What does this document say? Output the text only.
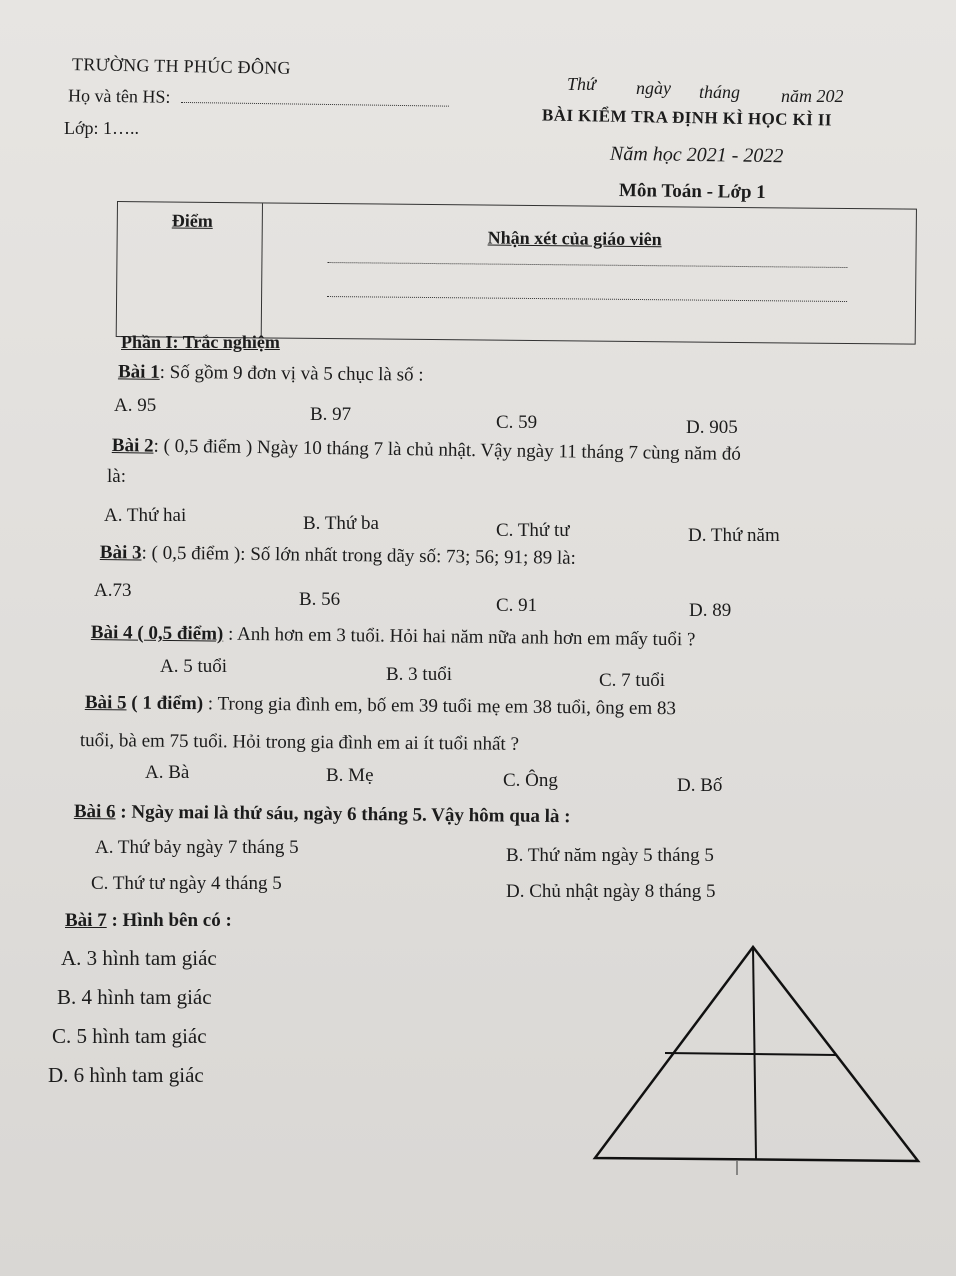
TRƯỜNG TH PHÚC ĐÔNG
Họ và tên HS:
Lớp: 1…..
Thứ ngày tháng năm 202
BÀI KIỂM TRA ĐỊNH KÌ HỌC KÌ II
Năm học 2021 - 2022
Môn Toán - Lớp 1
Điểm
Nhận xét của giáo viên
Phần I: Trắc nghiệm
Bài 1: Số gồm 9 đơn vị và 5 chục là số :
A. 95	B. 97	C. 59	D. 905
Bài 2: ( 0,5 điểm ) Ngày 10 tháng 7 là chủ nhật. Vậy ngày 11 tháng 7 cùng năm đó
là:
A. Thứ hai	B. Thứ ba	C. Thứ tư	D. Thứ năm
Bài 3: ( 0,5 điểm ): Số lớn nhất trong dãy số: 73; 56; 91; 89 là:
A.73	B. 56	C. 91	D. 89
Bài 4 ( 0,5 điểm) : Anh hơn em 3 tuổi. Hỏi hai năm nữa anh hơn em mấy tuổi ?
A. 5 tuổi	B. 3 tuổi	C. 7 tuổi
Bài 5 ( 1 điểm) : Trong gia đình em, bố em 39 tuổi mẹ em 38 tuổi, ông em 83
tuổi, bà em 75 tuổi. Hỏi trong gia đình em ai ít tuổi nhất ?
A. Bà	B. Mẹ	C. Ông	D. Bố
Bài 6 : Ngày mai là thứ sáu, ngày 6 tháng 5. Vậy hôm qua là :
A. Thứ bảy ngày 7 tháng 5	B. Thứ năm ngày 5 tháng 5
C. Thứ tư ngày 4 tháng 5	D. Chủ nhật ngày 8 tháng 5
Bài 7 : Hình bên có :
A. 3 hình tam giác
B. 4 hình tam giác
C. 5 hình tam giác
D. 6 hình tam giác
